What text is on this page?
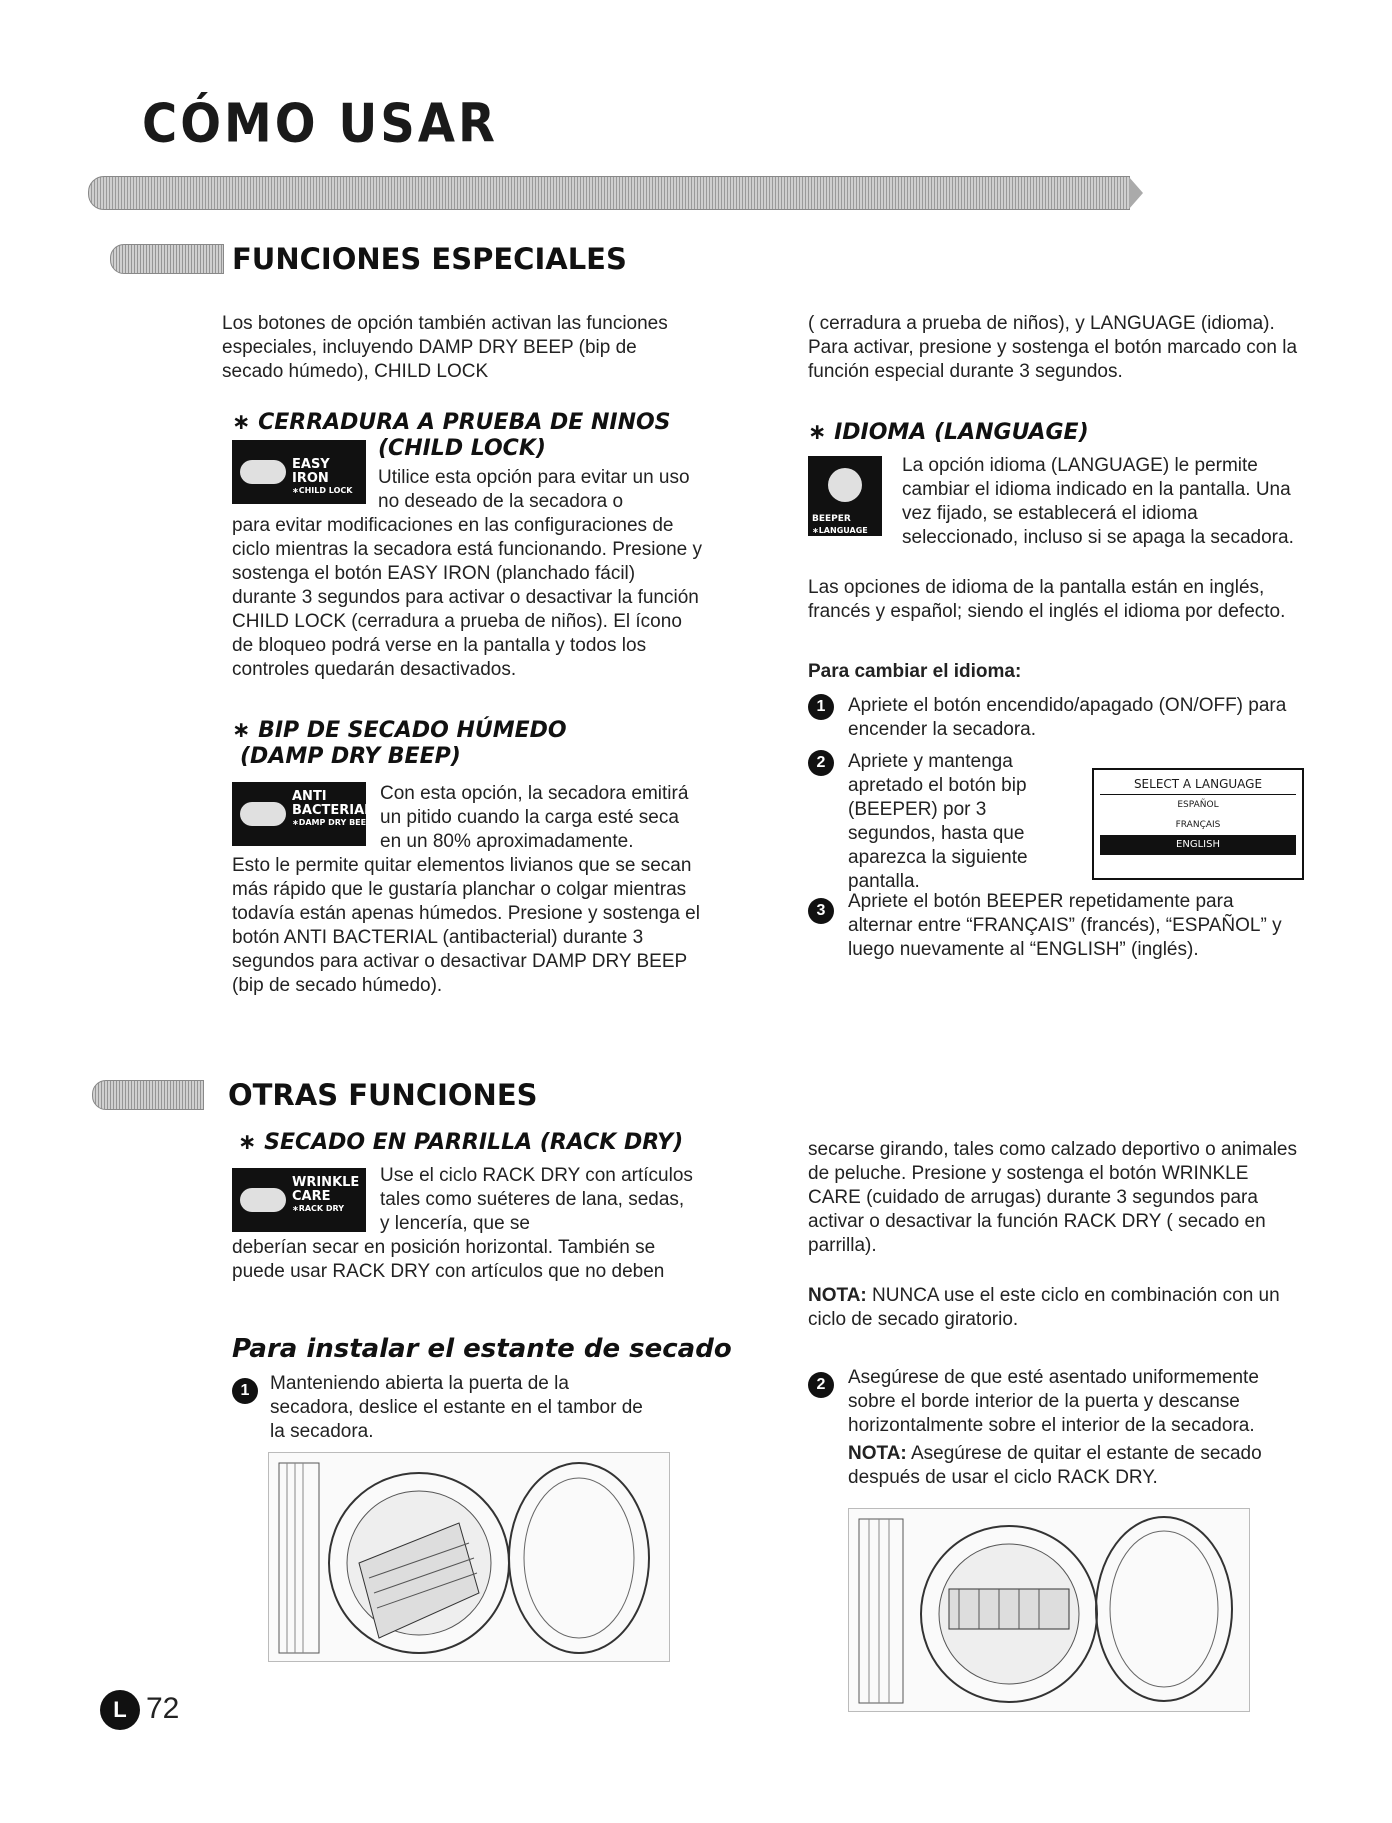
CÓMO USAR
FUNCIONES ESPECIALES
Los botones de opción también activan las funciones especiales, incluyendo DAMP DRY BEEP (bip de secado húmedo), CHILD LOCK
∗ CERRADURA A PRUEBA DE NINOS
(CHILD LOCK)
EASY IRON
∗CHILD LOCK
Utilice esta opción para evitar un uso no deseado de la secadora o
para evitar modificaciones en las configuraciones de ciclo mientras la secadora está funcionando. Presione y sostenga el botón EASY IRON (planchado fácil) durante 3 segundos para activar o desactivar la función CHILD LOCK (cerradura a prueba de niños). El ícono de bloqueo podrá verse en la pantalla y todos los controles quedarán desactivados.
∗ BIP DE SECADO HÚMEDO
(DAMP DRY BEEP)
ANTI
BACTERIAL
∗DAMP DRY BEEP
Con esta opción, la secadora emitirá un pitido cuando la carga esté seca en un 80% aproximadamente.
Esto le permite quitar elementos livianos que se secan más rápido que le gustaría planchar o colgar mientras todavía están apenas húmedos. Presione y sostenga el botón ANTI BACTERIAL (antibacterial) durante 3 segundos para activar o desactivar DAMP DRY BEEP (bip de secado húmedo).
( cerradura a prueba de niños), y LANGUAGE (idioma). Para activar, presione y sostenga el botón marcado con la función especial durante 3 segundos.
∗ IDIOMA (LANGUAGE)
BEEPER
∗LANGUAGE
La opción idioma (LANGUAGE) le permite cambiar el idioma indicado en la pantalla. Una vez fijado, se establecerá el idioma seleccionado, incluso si se apaga la secadora.
Las opciones de idioma de la pantalla están en inglés, francés y español; siendo el inglés el idioma por defecto.
Para cambiar el idioma:
1	Apriete el botón encendido/apagado (ON/OFF) para encender la secadora.
2	Apriete y mantenga apretado el botón bip (BEEPER) por 3 segundos, hasta que aparezca la siguiente pantalla.
SELECT A LANGUAGE
ESPAÑOL
FRANÇAIS
ENGLISH
3	Apriete el botón BEEPER repetidamente para alternar entre “FRANÇAIS” (francés), “ESPAÑOL” y luego nuevamente al “ENGLISH” (inglés).
OTRAS FUNCIONES
∗ SECADO EN PARRILLA (RACK DRY)
WRINKLE
CARE
∗RACK DRY
Use el ciclo RACK DRY con artículos tales como suéteres de lana, sedas, y lencería, que se
deberían secar en posición horizontal. También se puede usar RACK DRY con artículos que no deben
secarse girando, tales como calzado deportivo o animales de peluche. Presione y sostenga el botón WRINKLE CARE (cuidado de arrugas) durante 3 segundos para activar o desactivar la función RACK DRY ( secado en parrilla).
NOTA: NUNCA use el este ciclo en combinación con un ciclo de secado giratorio.
Para instalar el estante de secado
1	Manteniendo abierta la puerta de la secadora, deslice el estante en el tambor de la secadora.
2	Asegúrese de que esté asentado uniformemente sobre el borde interior de la puerta y descanse horizontalmente sobre el interior de la secadora.
NOTA: Asegúrese de quitar el estante de secado después de usar el ciclo RACK DRY.
L 72
